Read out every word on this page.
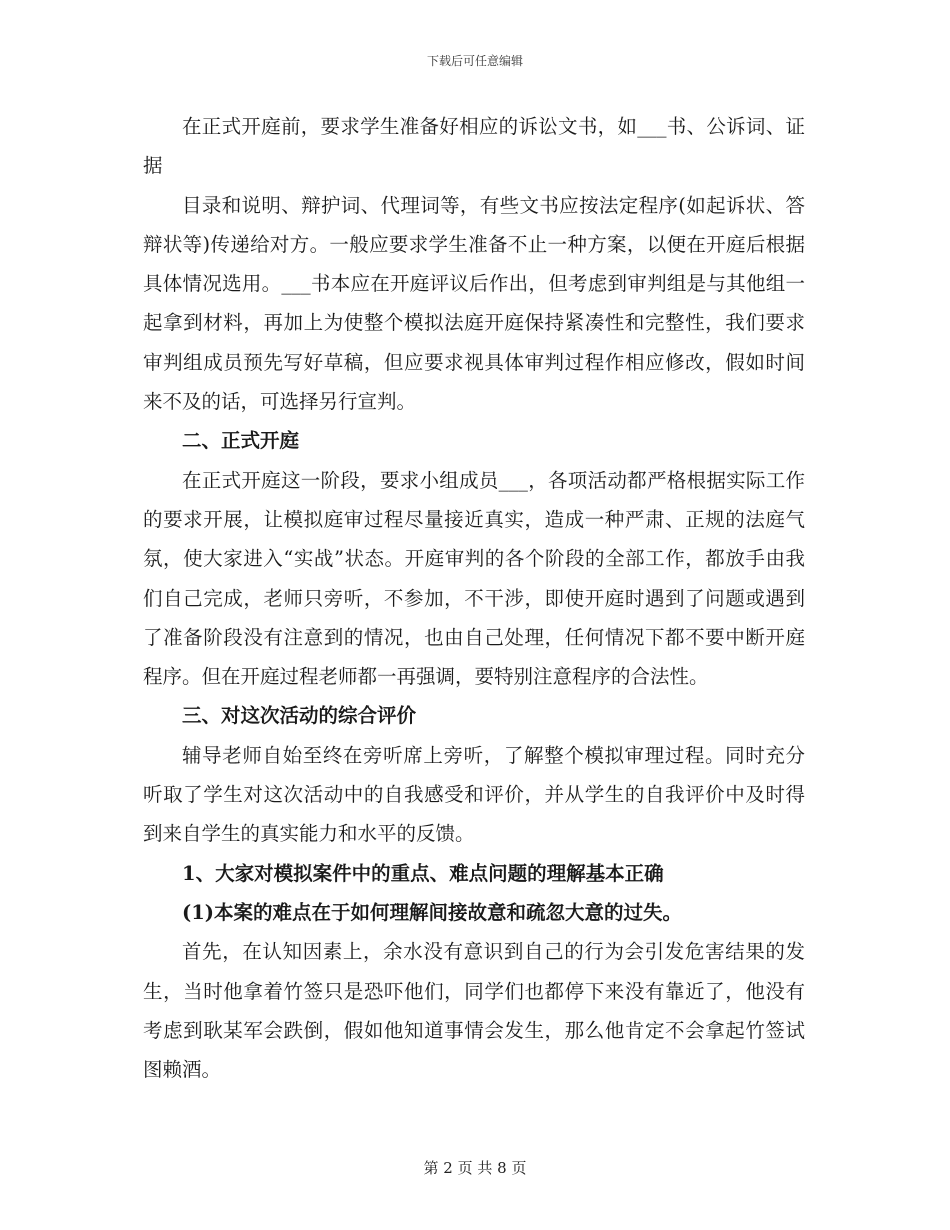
下载后可任意编辑

在正式开庭前，要求学生准备好相应的诉讼文书，如___书、公诉词、证据

目录和说明、辩护词、代理词等，有些文书应按法定程序(如起诉状、答辩状等)传递给对方。一般应要求学生准备不止一种方案，以便在开庭后根据具体情况选用。___书本应在开庭评议后作出，但考虑到审判组是与其他组一起拿到材料，再加上为使整个模拟法庭开庭保持紧凑性和完整性，我们要求审判组成员预先写好草稿，但应要求视具体审判过程作相应修改，假如时间来不及的话，可选择另行宣判。

二、正式开庭

在正式开庭这一阶段，要求小组成员___，各项活动都严格根据实际工作的要求开展，让模拟庭审过程尽量接近真实，造成一种严肃、正规的法庭气氛，使大家进入“实战”状态。开庭审判的各个阶段的全部工作，都放手由我们自己完成，老师只旁听，不参加，不干涉，即使开庭时遇到了问题或遇到了准备阶段没有注意到的情况，也由自己处理，任何情况下都不要中断开庭程序。但在开庭过程老师都一再强调，要特别注意程序的合法性。

三、对这次活动的综合评价

辅导老师自始至终在旁听席上旁听，了解整个模拟审理过程。同时充分听取了学生对这次活动中的自我感受和评价，并从学生的自我评价中及时得到来自学生的真实能力和水平的反馈。

1、大家对模拟案件中的重点、难点问题的理解基本正确

(1)本案的难点在于如何理解间接故意和疏忽大意的过失。

首先，在认知因素上，余水没有意识到自己的行为会引发危害结果的发生，当时他拿着竹签只是恐吓他们，同学们也都停下来没有靠近了，他没有考虑到耿某军会跌倒，假如他知道事情会发生，那么他肯定不会拿起竹签试图赖酒。

第 2 页 共 8 页
